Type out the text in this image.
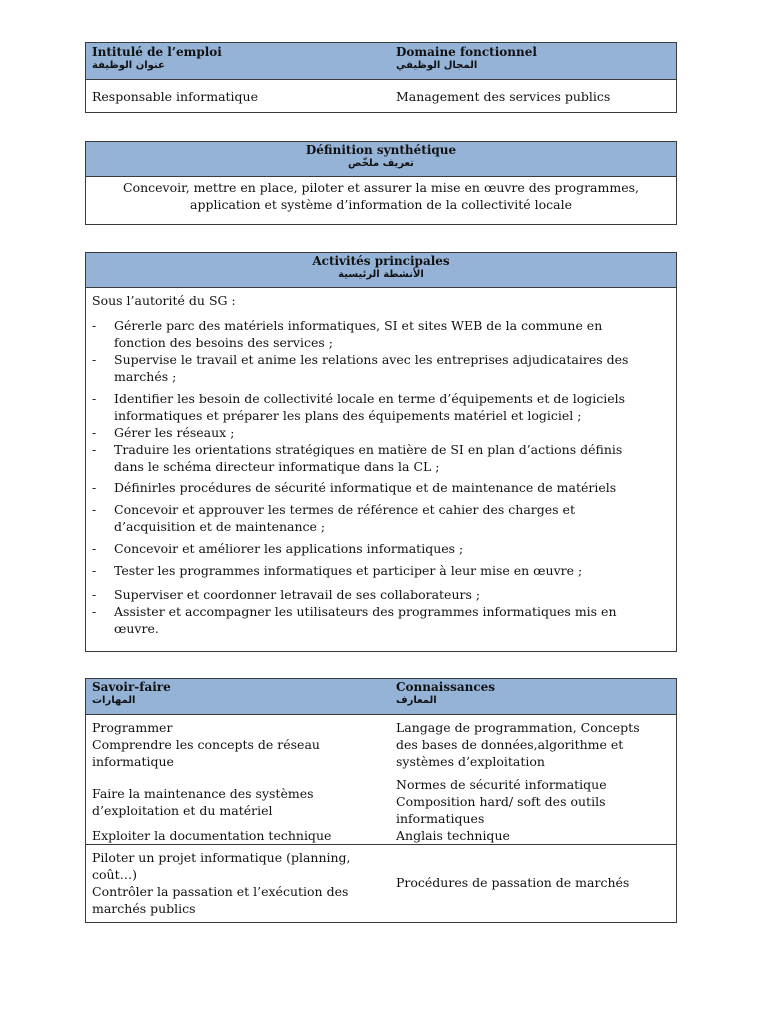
Intitulé de l’emploi
عنوان الوظيفة
Domaine fonctionnel
المجال الوظيفي
Responsable informatique	Management des services publics
Définition synthétique
تعريف ملخّص
Concevoir, mettre en place, piloter et assurer la mise en œuvre des programmes,
application et système d’information de la collectivité locale
Activités principales
الأنشطة الرئيسية
Sous l’autorité du SG :
- Gérerle parc des matériels informatiques, SI et sites WEB de la commune en
fonction des besoins des services ;
- Supervise le travail et anime les relations avec les entreprises adjudicataires des
marchés ;
- Identifier les besoin de collectivité locale en terme d’équipements et de logiciels
informatiques et préparer les plans des équipements matériel et logiciel ;
- Gérer les réseaux ;
- Traduire les orientations stratégiques en matière de SI en plan d’actions définis
dans le schéma directeur informatique dans la CL ;
- Définirles procédures de sécurité informatique et de maintenance de matériels
- Concevoir et approuver les termes de référence et cahier des charges et
d’acquisition et de maintenance ;
- Concevoir et améliorer les applications informatiques ;
- Tester les programmes informatiques et participer à leur mise en œuvre ;
- Superviser et coordonner letravail de ses collaborateurs ;
- Assister et accompagner les utilisateurs des programmes informatiques mis en
œuvre.
Savoir-faire
المهارات
Connaissances
المعارف
Programmer
Comprendre les concepts de réseau
informatique
Faire la maintenance des systèmes
d’exploitation et du matériel
Exploiter la documentation technique
Langage de programmation, Concepts
des bases de données,algorithme et
systèmes d’exploitation
Normes de sécurité informatique
Composition hard/ soft des outils
informatiques
Anglais technique
Piloter un projet informatique (planning,
coût…)
Contrôler la passation et l’exécution des
marchés publics
Procédures de passation de marchés
